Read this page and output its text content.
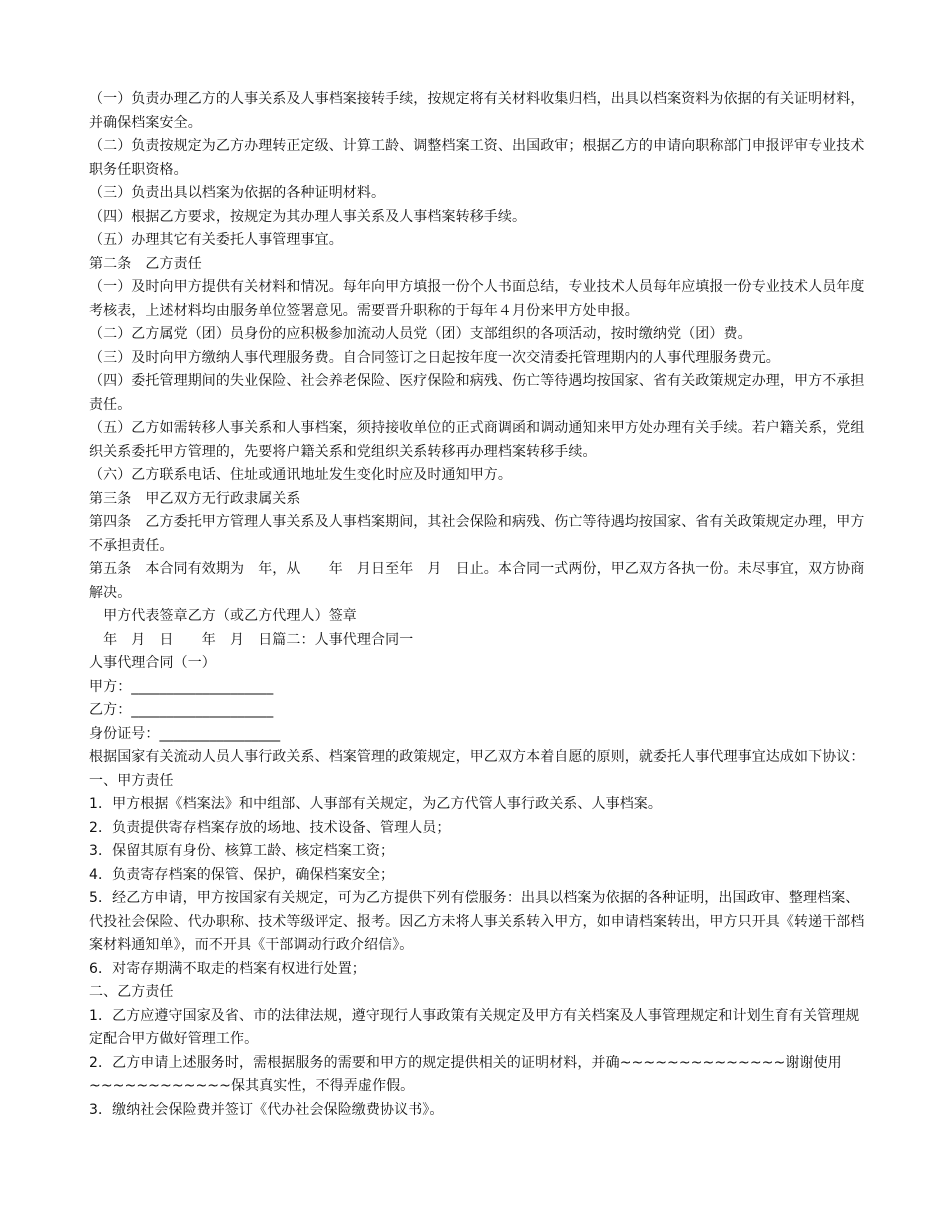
（一）负责办理乙方的人事关系及人事档案接转手续，按规定将有关材料收集归档，出具以档案资料为依据的有关证明材料，并确保档案安全。

（二）负责按规定为乙方办理转正定级、计算工龄、调整档案工资、出国政审；根据乙方的申请向职称部门申报评审专业技术职务任职资格。

（三）负责出具以档案为依据的各种证明材料。

（四）根据乙方要求，按规定为其办理人事关系及人事档案转移手续。

（五）办理其它有关委托人事管理事宜。

第二条　乙方责任

（一）及时向甲方提供有关材料和情况。每年向甲方填报一份个人书面总结，专业技术人员每年应填报一份专业技术人员年度考核表，上述材料均由服务单位签署意见。需要晋升职称的于每年４月份来甲方处申报。

（二）乙方属党（团）员身份的应积极参加流动人员党（团）支部组织的各项活动，按时缴纳党（团）费。

（三）及时向甲方缴纳人事代理服务费。自合同签订之日起按年度一次交清委托管理期内的人事代理服务费元。

（四）委托管理期间的失业保险、社会养老保险、医疗保险和病残、伤亡等待遇均按国家、省有关政策规定办理，甲方不承担责任。

（五）乙方如需转移人事关系和人事档案，须持接收单位的正式商调函和调动通知来甲方处办理有关手续。若户籍关系，党组织关系委托甲方管理的，先要将户籍关系和党组织关系转移再办理档案转移手续。

（六）乙方联系电话、住址或通讯地址发生变化时应及时通知甲方。

第三条　甲乙双方无行政隶属关系

第四条　乙方委托甲方管理人事关系及人事档案期间，其社会保险和病残、伤亡等待遇均按国家、省有关政策规定办理，甲方不承担责任。

第五条　本合同有效期为　年，从　　年　月日至年　月　日止。本合同一式两份，甲乙双方各执一份。未尽事宜，双方协商解决。

　甲方代表签章乙方（或乙方代理人）签章

　年　月　日　　年　月　日篇二：人事代理合同一

人事代理合同（一）

甲方：____________________

乙方：____________________

身份证号：_________________

根据国家有关流动人员人事行政关系、档案管理的政策规定，甲乙双方本着自愿的原则，就委托人事代理事宜达成如下协议：

一、甲方责任

1．甲方根据《档案法》和中组部、人事部有关规定，为乙方代管人事行政关系、人事档案。

2．负责提供寄存档案存放的场地、技术设备、管理人员；

3．保留其原有身份、核算工龄、核定档案工资；

4．负责寄存档案的保管、保护，确保档案安全；

5．经乙方申请，甲方按国家有关规定，可为乙方提供下列有偿服务：出具以档案为依据的各种证明，出国政审、整理档案、代投社会保险、代办职称、技术等级评定、报考。因乙方未将人事关系转入甲方，如申请档案转出，甲方只开具《转递干部档案材料通知单》，而不开具《干部调动行政介绍信》。

6．对寄存期满不取走的档案有权进行处置；

二、乙方责任

1．乙方应遵守国家及省、市的法律法规，遵守现行人事政策有关规定及甲方有关档案及人事管理规定和计划生育有关管理规定配合甲方做好管理工作。

2．乙方申请上述服务时，需根据服务的需要和甲方的规定提供相关的证明材料，并确~~~~~~~~~~~~~~谢谢使用~~~~~~~~~~~~保其真实性，不得弄虚作假。

3．缴纳社会保险费并签订《代办社会保险缴费协议书》。
